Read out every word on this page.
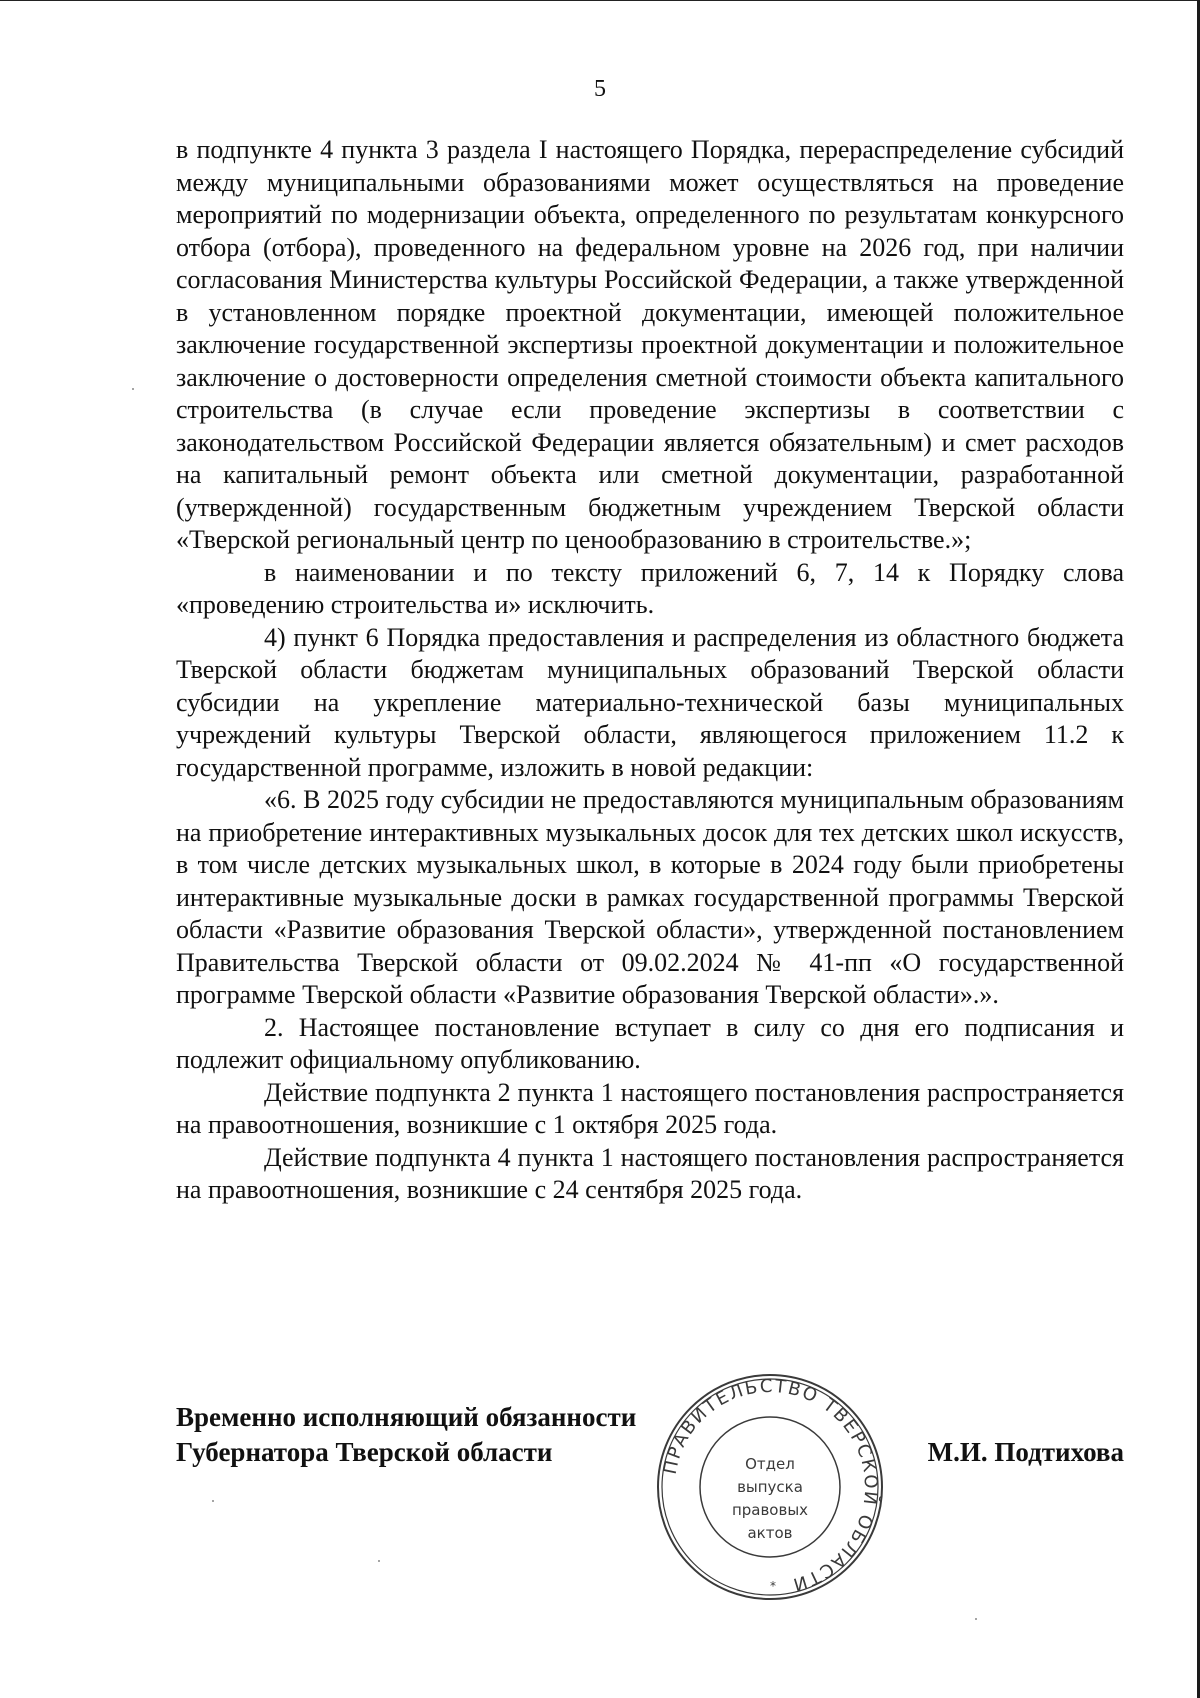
5

в подпункте 4 пункта 3 раздела I настоящего Порядка, перераспределение субсидий между муниципальными образованиями может осуществляться на проведение мероприятий по модернизации объекта, определенного по результатам конкурсного отбора (отбора), проведенного на федеральном уровне на 2026 год, при наличии согласования Министерства культуры Российской Федерации, а также утвержденной в установленном порядке проектной документации, имеющей положительное заключение государственной экспертизы проектной документации и положительное заключение о достоверности определения сметной стоимости объекта капитального строительства (в случае если проведение экспертизы в соответствии с законодательством Российской Федерации является обязательным) и смет расходов на капитальный ремонт объекта или сметной документации, разработанной (утвержденной) государственным бюджетным учреждением Тверской области «Тверской региональный центр по ценообразованию в строительстве.»;

в наименовании и по тексту приложений 6, 7, 14 к Порядку слова «проведению строительства и» исключить.

4) пункт 6 Порядка предоставления и распределения из областного бюджета Тверской области бюджетам муниципальных образований Тверской области субсидии на укрепление материально-технической базы муниципальных учреждений культуры Тверской области, являющегося приложением 11.2 к государственной программе, изложить в новой редакции:

«6. В 2025 году субсидии не предоставляются муниципальным образованиям на приобретение интерактивных музыкальных досок для тех детских школ искусств, в том числе детских музыкальных школ, в которые в 2024 году были приобретены интерактивные музыкальные доски в рамках государственной программы Тверской области «Развитие образования Тверской области», утвержденной постановлением Правительства Тверской области от 09.02.2024 № 41-пп «О государственной программе Тверской области «Развитие образования Тверской области».».

2. Настоящее постановление вступает в силу со дня его подписания и подлежит официальному опубликованию.

Действие подпункта 2 пункта 1 настоящего постановления распространяется на правоотношения, возникшие с 1 октября 2025 года.

Действие подпункта 4 пункта 1 настоящего постановления распространяется на правоотношения, возникшие с 24 сентября 2025 года.

Временно исполняющий обязанности
Губернатора Тверской области	ПРАВИТЕЛЬСТВО ТВЕРСКОЙ ОБЛАСТИ
Отдел
выпуска
правовых
актов
*
М.И. Подтихова
